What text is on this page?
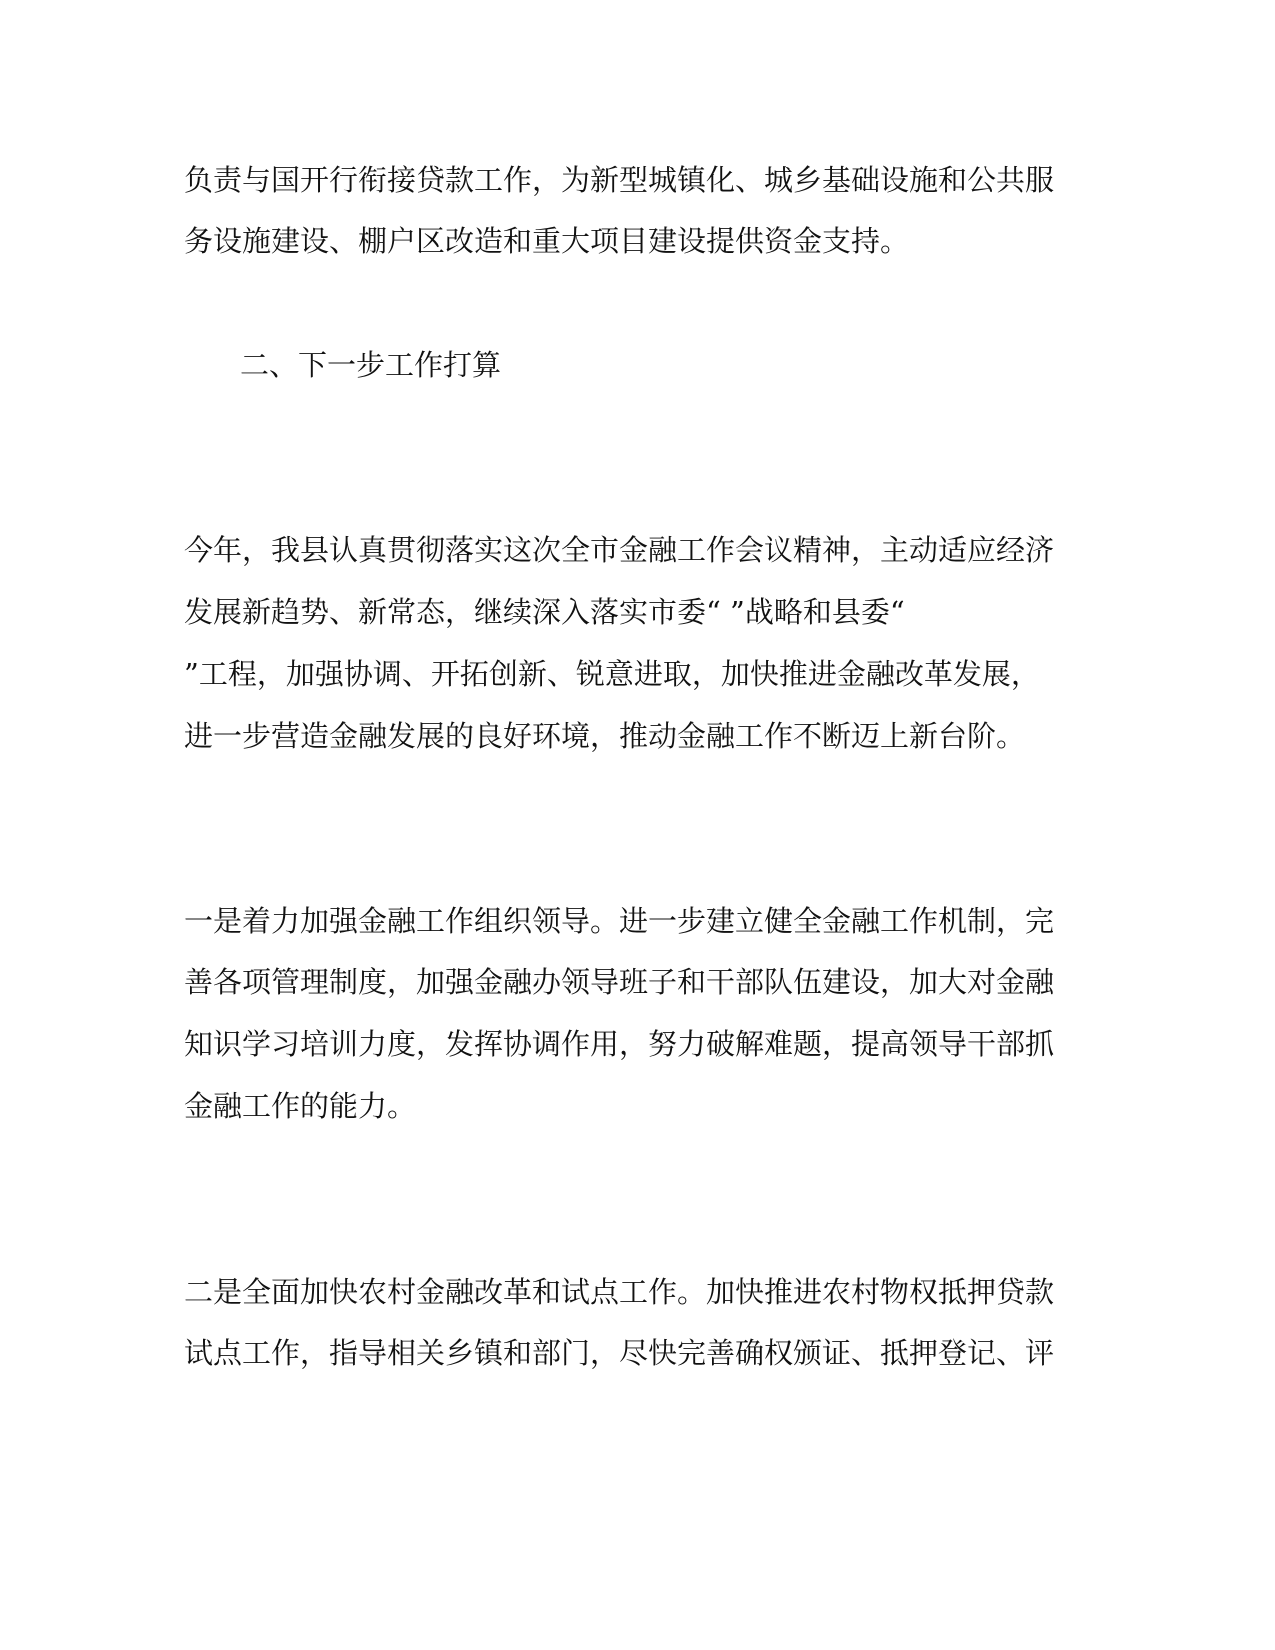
负责与国开行衔接贷款工作，为新型城镇化、城乡基础设施和公共服

务设施建设、棚户区改造和重大项目建设提供资金支持。

二、下一步工作打算

今年，我县认真贯彻落实这次全市金融工作会议精神，主动适应经济

发展新趋势、新常态，继续深入落实市委“ ”战略和县委“

”工程，加强协调、开拓创新、锐意进取，加快推进金融改革发展，

进一步营造金融发展的良好环境，推动金融工作不断迈上新台阶。

一是着力加强金融工作组织领导。进一步建立健全金融工作机制，完

善各项管理制度，加强金融办领导班子和干部队伍建设，加大对金融

知识学习培训力度，发挥协调作用，努力破解难题，提高领导干部抓

金融工作的能力。

二是全面加快农村金融改革和试点工作。加快推进农村物权抵押贷款

试点工作，指导相关乡镇和部门，尽快完善确权颁证、抵押登记、评
